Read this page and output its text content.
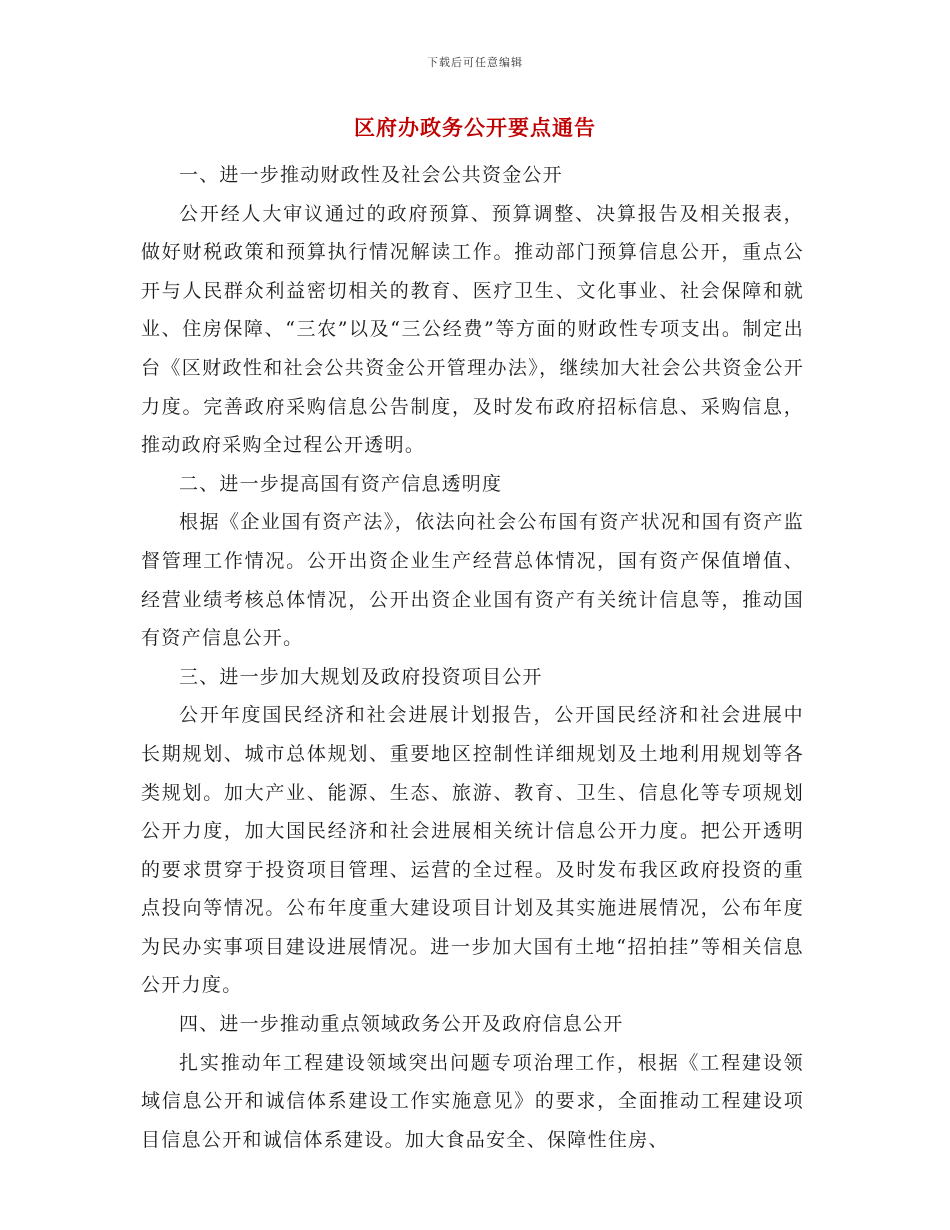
下载后可任意编辑
区府办政务公开要点通告

一、进一步推动财政性及社会公共资金公开

公开经人大审议通过的政府预算、预算调整、决算报告及相关报表，做好财税政策和预算执行情况解读工作。推动部门预算信息公开，重点公开与人民群众利益密切相关的教育、医疗卫生、文化事业、社会保障和就业、住房保障、“三农”以及“三公经费”等方面的财政性专项支出。制定出台《区财政性和社会公共资金公开管理办法》，继续加大社会公共资金公开力度。完善政府采购信息公告制度，及时发布政府招标信息、采购信息，推动政府采购全过程公开透明。

二、进一步提高国有资产信息透明度

根据《企业国有资产法》，依法向社会公布国有资产状况和国有资产监督管理工作情况。公开出资企业生产经营总体情况，国有资产保值增值、经营业绩考核总体情况，公开出资企业国有资产有关统计信息等，推动国有资产信息公开。

三、进一步加大规划及政府投资项目公开

公开年度国民经济和社会进展计划报告，公开国民经济和社会进展中长期规划、城市总体规划、重要地区控制性详细规划及土地利用规划等各类规划。加大产业、能源、生态、旅游、教育、卫生、信息化等专项规划公开力度，加大国民经济和社会进展相关统计信息公开力度。把公开透明的要求贯穿于投资项目管理、运营的全过程。及时发布我区政府投资的重点投向等情况。公布年度重大建设项目计划及其实施进展情况，公布年度为民办实事项目建设进展情况。进一步加大国有土地“招拍挂”等相关信息公开力度。

四、进一步推动重点领域政务公开及政府信息公开

扎实推动年工程建设领域突出问题专项治理工作，根据《工程建设领域信息公开和诚信体系建设工作实施意见》的要求，全面推动工程建设项目信息公开和诚信体系建设。加大食品安全、保障性住房、
